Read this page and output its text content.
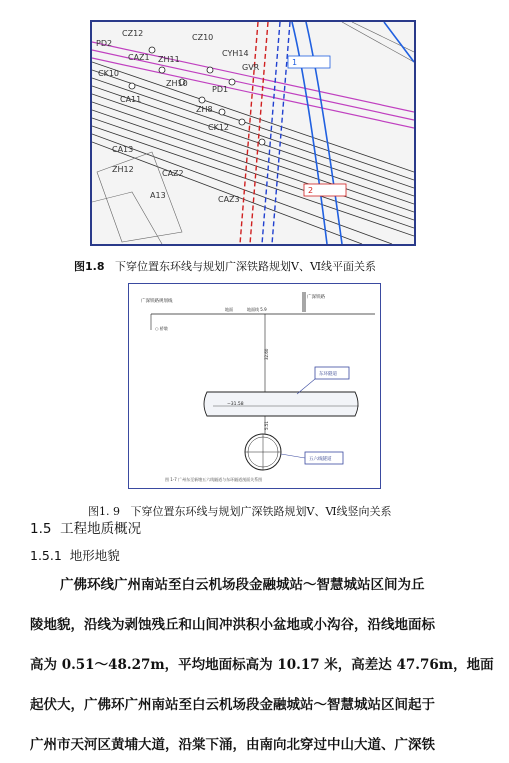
PD2
CZ12	CZ10
CAZ1 ZH11
CK10
ZH10
CA11
PD1
ZH8
CK12
GVR
CYH14
CA13
A13
ZH12	CAZ2
CAZ3
1
2
图1.8 下穿位置东环线与规划广深铁路规划Ⅴ、Ⅵ线平面关系
广深铁路规划线
广深铁路
○ 桥墩
地面	地面线 5.9
32.60
−31.58
东环隧道
5.51
五六线隧道
图 1-7 广州东至新塘五六线隧道与东环隧道剖面关系图
图1. 9 下穿位置东环线与规划广深铁路规划Ⅴ、Ⅵ线竖向关系
1.5 工程地质概况
1.5.1 地形地貌
广佛环线广州南站至白云机场段金融城站～智慧城站区间为丘
陵地貌，沿线为剥蚀残丘和山间冲洪积小盆地或小沟谷，沿线地面标
高为 0.51～48.27m，平均地面标高为 10.17 米，高差达 47.76m，地面
起伏大，广佛环广州南站至白云机场段金融城站～智慧城站区间起于
广州市天河区黄埔大道，沿棠下涌，由南向北穿过中山大道、广深铁
